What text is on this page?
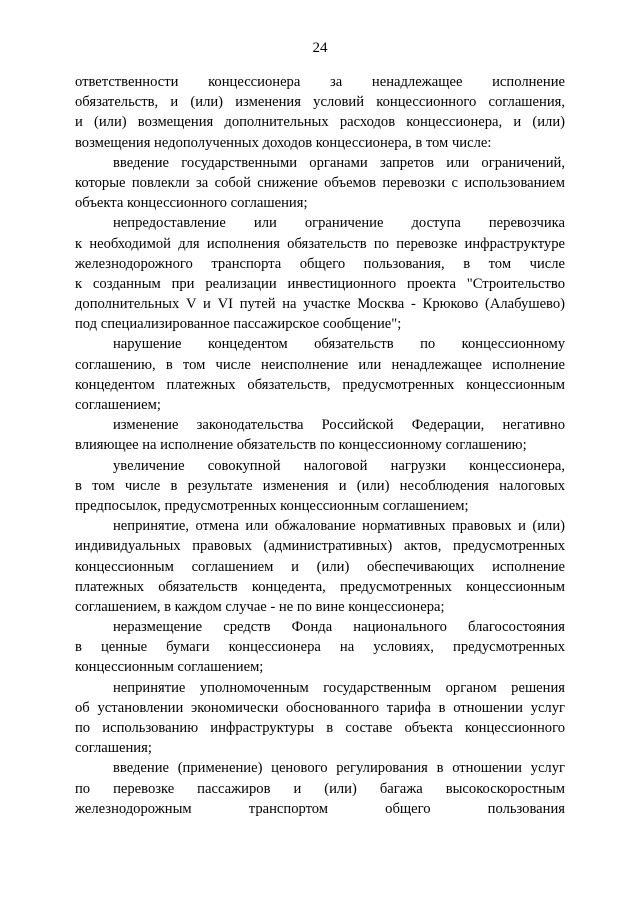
24
ответственности концессионера за ненадлежащее исполнение
обязательств, и (или) изменения условий концессионного соглашения,
и (или) возмещения дополнительных расходов концессионера, и (или)
возмещения недополученных доходов концессионера, в том числе:
введение государственными органами запретов или ограничений,
которые повлекли за собой снижение объемов перевозки с использованием
объекта концессионного соглашения;
непредоставление или ограничение доступа перевозчика
к необходимой для исполнения обязательств по перевозке инфраструктуре
железнодорожного транспорта общего пользования, в том числе
к созданным при реализации инвестиционного проекта "Строительство
дополнительных V и VI путей на участке Москва - Крюково (Алабушево)
под специализированное пассажирское сообщение";
нарушение концедентом обязательств по концессионному
соглашению, в том числе неисполнение или ненадлежащее исполнение
концедентом платежных обязательств, предусмотренных концессионным
соглашением;
изменение законодательства Российской Федерации, негативно
влияющее на исполнение обязательств по концессионному соглашению;
увеличение совокупной налоговой нагрузки концессионера,
в том числе в результате изменения и (или) несоблюдения налоговых
предпосылок, предусмотренных концессионным соглашением;
непринятие, отмена или обжалование нормативных правовых и (или)
индивидуальных правовых (административных) актов, предусмотренных
концессионным соглашением и (или) обеспечивающих исполнение
платежных обязательств концедента, предусмотренных концессионным
соглашением, в каждом случае - не по вине концессионера;
неразмещение средств Фонда национального благосостояния
в ценные бумаги концессионера на условиях, предусмотренных
концессионным соглашением;
непринятие уполномоченным государственным органом решения
об установлении экономически обоснованного тарифа в отношении услуг
по использованию инфраструктуры в составе объекта концессионного
соглашения;
введение (применение) ценового регулирования в отношении услуг
по перевозке пассажиров и (или) багажа высокоскоростным
железнодорожным транспортом общего пользования
